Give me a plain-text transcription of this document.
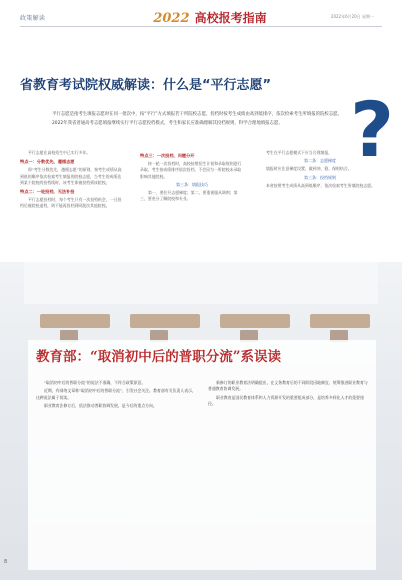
政策解读	2022 高校报考指南	2022年6月20日 星期一
省教育考试院权威解读：什么是“平行志愿” ?
平行志愿是指考生填报志愿时在同一批次中，按“平行”方式填报若干所院校志愿，投档时按考生成绩由高到低排序，依次检索考生所填报的院校志愿。2022年我省普通高考志愿填报继续实行平行志愿投档模式，考生和家长应准确理解其投档规则，科学合理地填报志愿。

平行志愿在高校招生中已实行多年。

特点一：分数优先、遵循志愿

即“考生分数优先，遵循志愿”的原则，按考生成绩从高到低的顺序依次检索考生填报的院校志愿，当考生的成绩达到某个院校的投档线时，该考生即被投档到该院校。

特点二：一轮投档，无法补投

平行志愿投档时，每个考生只有一次投档机会，一旦投档后被院校退档，则不能再投档到同批次其他院校。

特点三：一次投档，问题分开

按一轮一次投档时，高校按照招生计划和录取规则进行录取，考生按成绩排序依次投档，不会因为一所院校未录取影响其他院校。

第三条：填报技巧

第一，要拉开志愿梯度；第二，要重视服从调剂；第三，要充分了解院校和专业。

考生在平行志愿模式下应当合理填报，

第二条：志愿梯度

填报时应注意梯度设置，做到冲、稳、保相结合。

第三条：投档规则

本省按照考生成绩从高到低顺序，依次检索考生所填院校志愿。

教育部：“取消初中后的普职分流”系误读

“取消初中后的普职分流”的说法不准确，不符合政策原意。

近期，有网络文章称“取消初中后的普职分流”，引发社会关注。教育部有关负责人表示，这种说法属于误读。

职业教育法修订后，依法推动普职协调发展，是今后的重点方向。

新修订的职业教育法明确提出，在义务教育后的不同阶段因地制宜、统筹推进职业教育与普通教育协调发展。

职业教育是国民教育体系和人力资源开发的重要组成部分，是培养多样化人才的重要途径。

8
